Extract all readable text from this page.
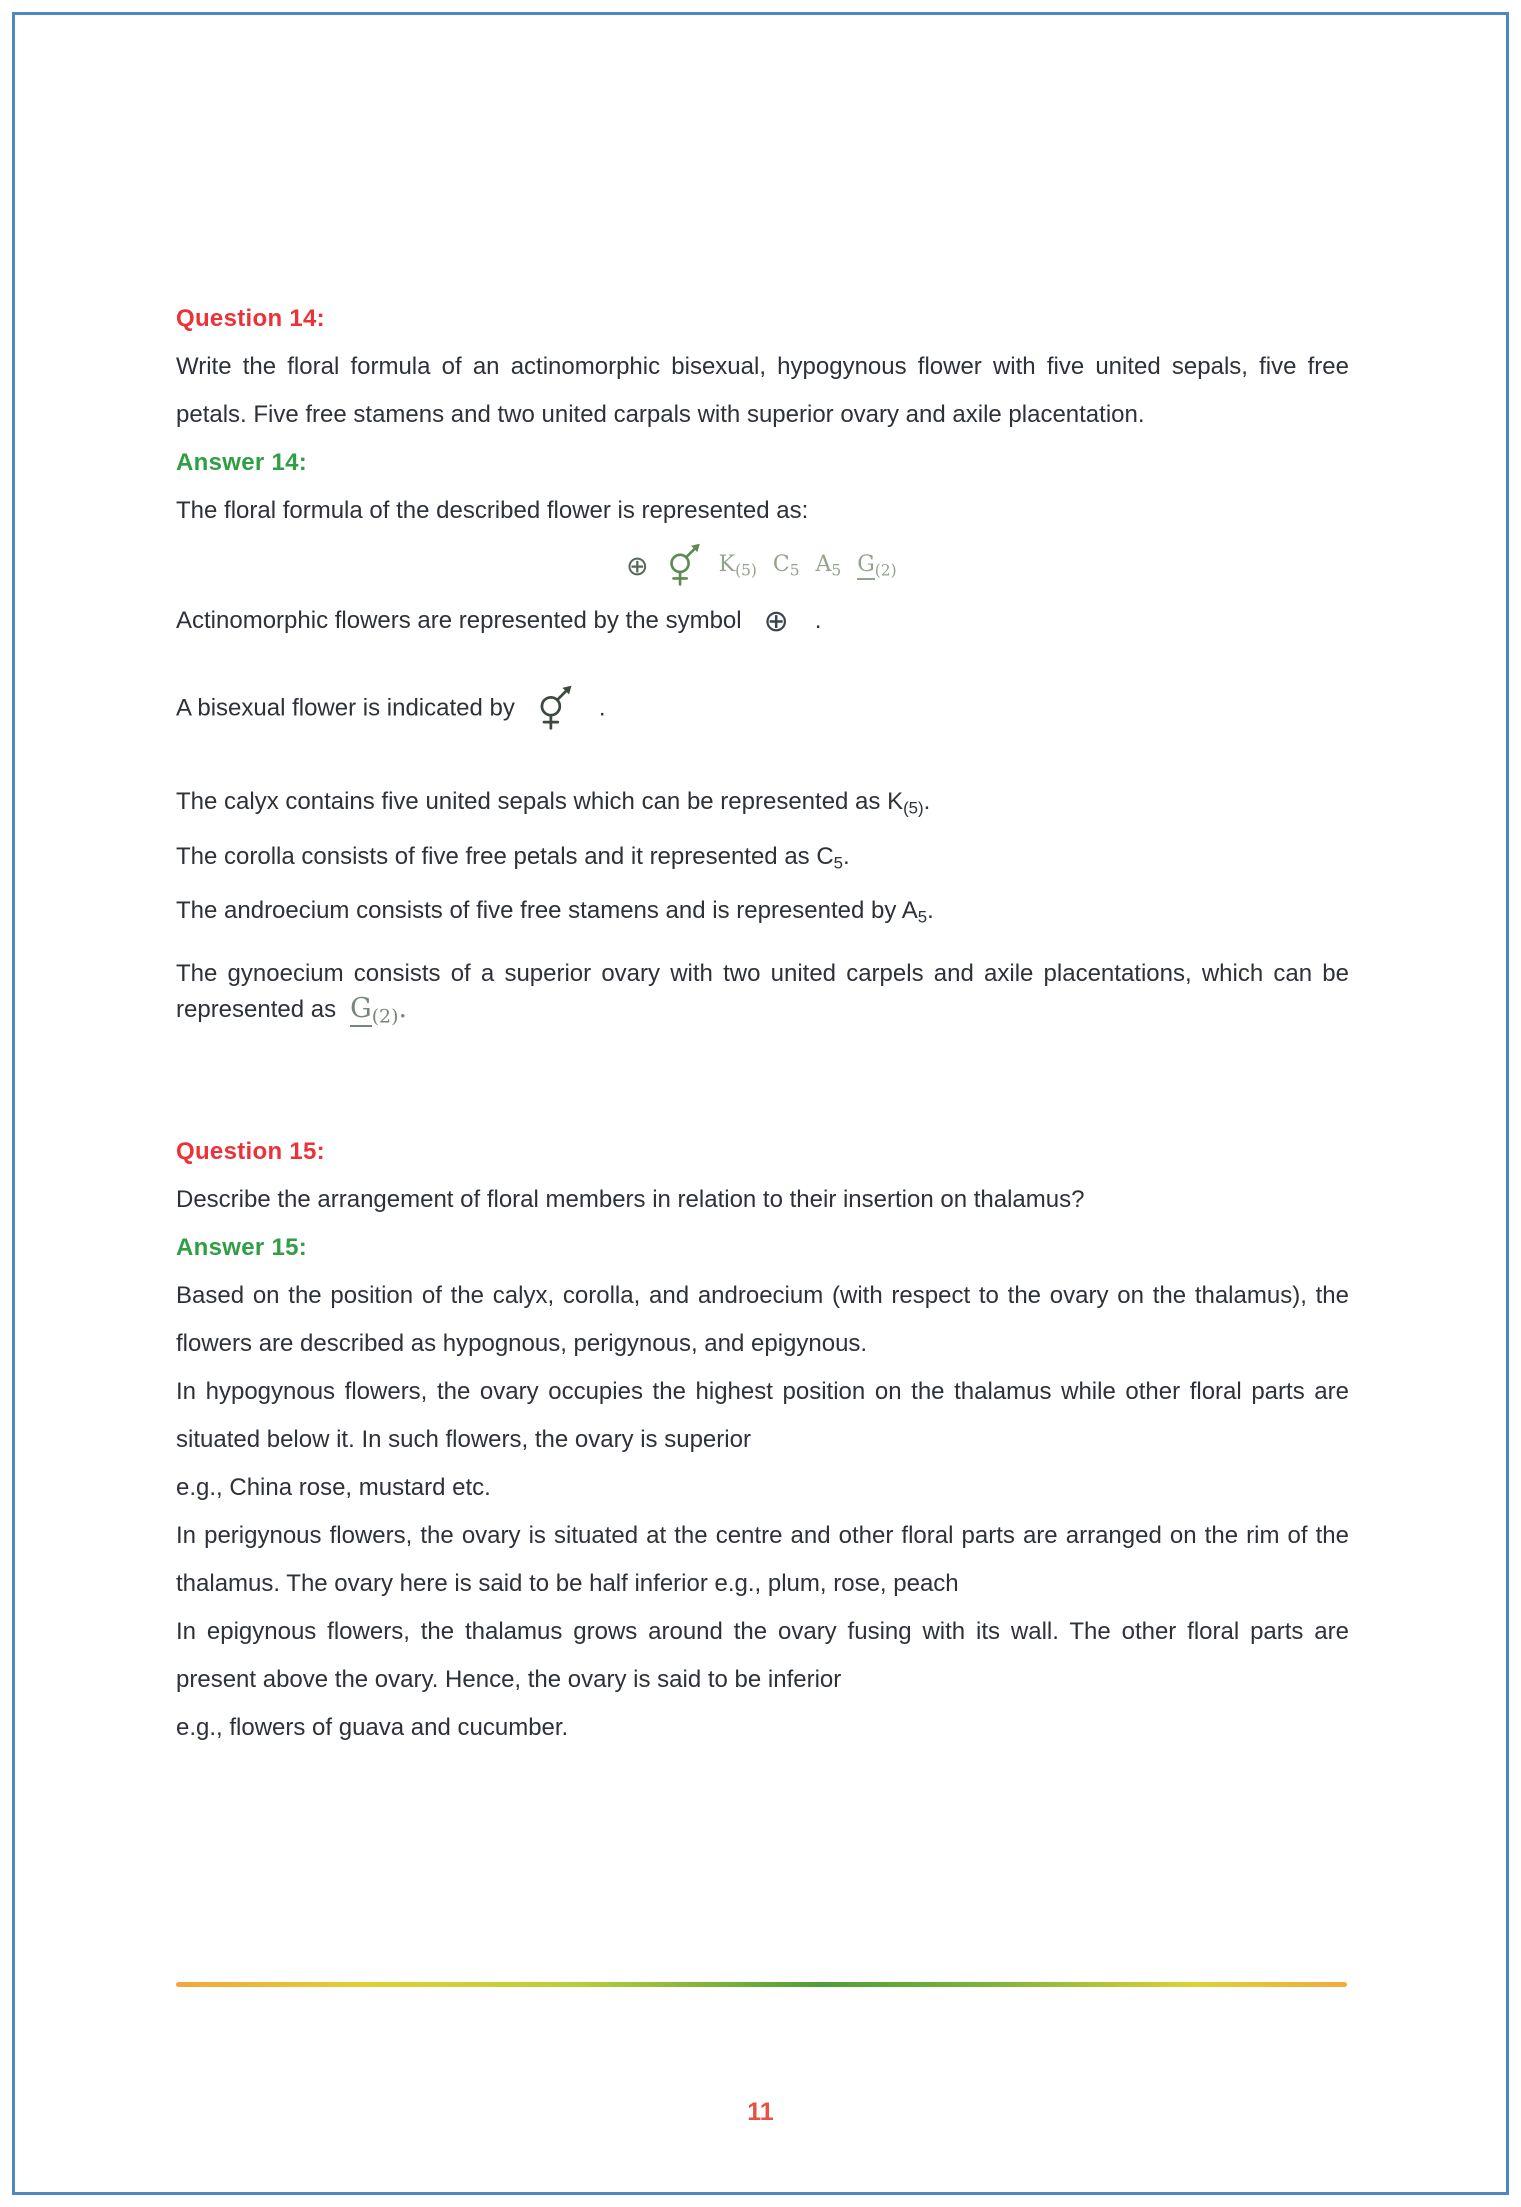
Question 14:

Write the floral formula of an actinomorphic bisexual, hypogynous flower with five united sepals, five free petals. Five free stamens and two united carpals with superior ovary and axile placentation.

Answer 14:

The floral formula of the described flower is represented as:

⊕	K(5) C5 A5 G(2)

Actinomorphic flowers are represented by the symbol ⊕ .

A bisexual flower is indicated by	.

The calyx contains five united sepals which can be represented as K(5).

The corolla consists of five free petals and it represented as C5.

The androecium consists of five free stamens and is represented by A5.

The gynoecium consists of a superior ovary with two united carpels and axile placentations, which can be represented as G(2).

Question 15:

Describe the arrangement of floral members in relation to their insertion on thalamus?

Answer 15:

Based on the position of the calyx, corolla, and androecium (with respect to the ovary on the thalamus), the flowers are described as hypognous, perigynous, and epigynous.

In hypogynous flowers, the ovary occupies the highest position on the thalamus while other floral parts are situated below it. In such flowers, the ovary is superior

e.g., China rose, mustard etc.

In perigynous flowers, the ovary is situated at the centre and other floral parts are arranged on the rim of the thalamus. The ovary here is said to be half inferior e.g., plum, rose, peach

In epigynous flowers, the thalamus grows around the ovary fusing with its wall. The other floral parts are present above the ovary. Hence, the ovary is said to be inferior

e.g., flowers of guava and cucumber.

11
